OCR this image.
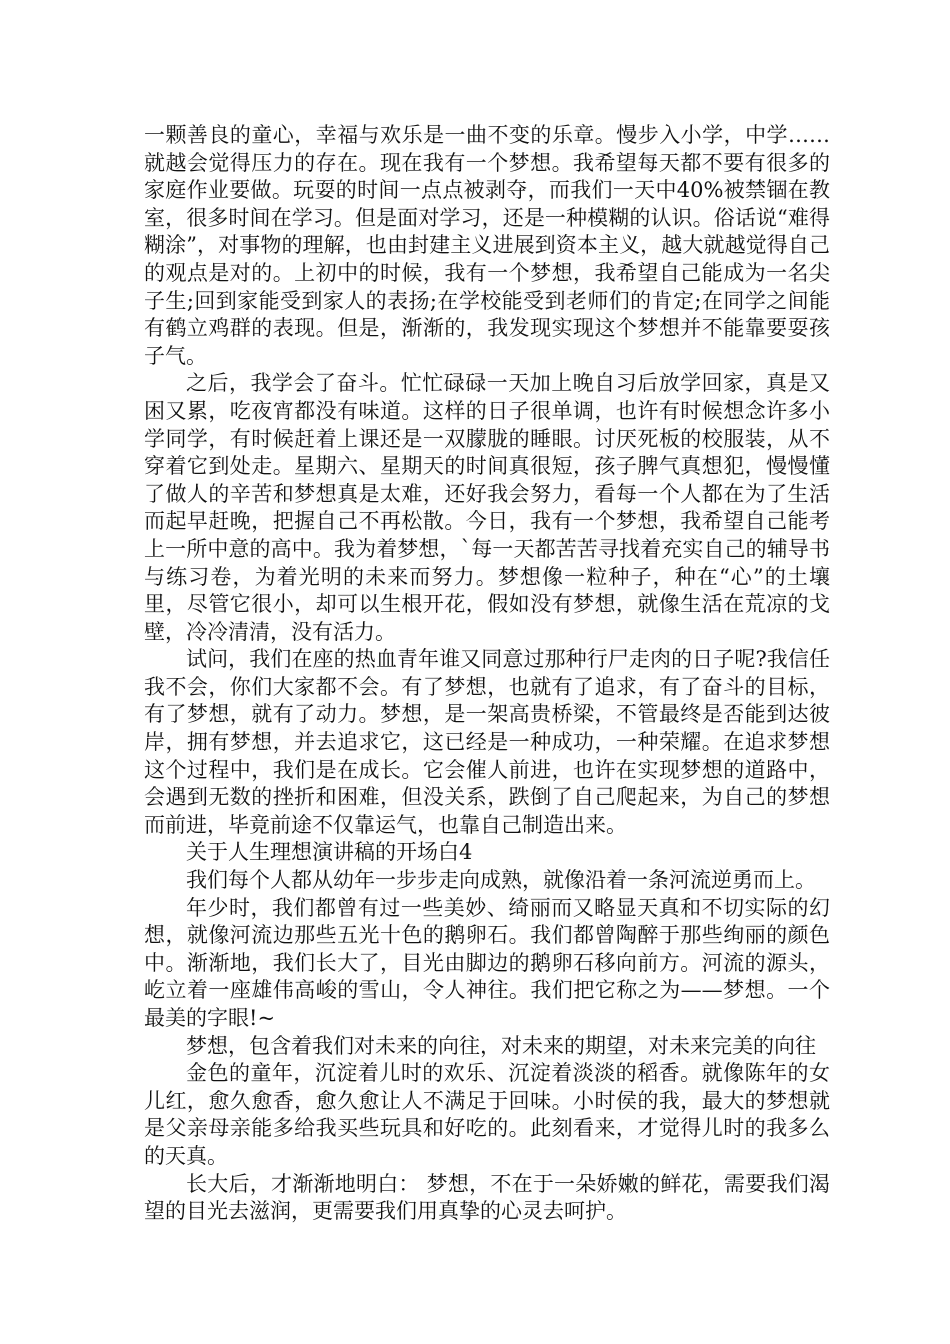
一颗善良的童心，幸福与欢乐是一曲不变的乐章。慢步入小学，中学……就越会觉得压力的存在。现在我有一个梦想。我希望每天都不要有很多的家庭作业要做。玩耍的时间一点点被剥夺，而我们一天中40%被禁锢在教室，很多时间在学习。但是面对学习，还是一种模糊的认识。俗话说“难得糊涂”，对事物的理解，也由封建主义进展到资本主义，越大就越觉得自己的观点是对的。上初中的时候，我有一个梦想，我希望自己能成为一名尖子生;回到家能受到家人的表扬;在学校能受到老师们的肯定;在同学之间能有鹤立鸡群的表现。但是，渐渐的，我发现实现这个梦想并不能靠要耍孩子气。

之后，我学会了奋斗。忙忙碌碌一天加上晚自习后放学回家，真是又困又累，吃夜宵都没有味道。这样的日子很单调，也许有时候想念许多小学同学，有时候赶着上课还是一双朦胧的睡眼。讨厌死板的校服装，从不穿着它到处走。星期六、星期天的时间真很短，孩子脾气真想犯，慢慢懂了做人的辛苦和梦想真是太难，还好我会努力，看每一个人都在为了生活而起早赶晚，把握自己不再松散。今日，我有一个梦想，我希望自己能考上一所中意的高中。我为着梦想，`每一天都苦苦寻找着充实自己的辅导书与练习卷，为着光明的未来而努力。梦想像一粒种子，种在“心”的土壤里，尽管它很小，却可以生根开花，假如没有梦想，就像生活在荒凉的戈壁，冷冷清清，没有活力。

试问，我们在座的热血青年谁又同意过那种行尸走肉的日子呢?我信任我不会，你们大家都不会。有了梦想，也就有了追求，有了奋斗的目标，有了梦想，就有了动力。梦想，是一架高贵桥梁，不管最终是否能到达彼岸，拥有梦想，并去追求它，这已经是一种成功，一种荣耀。在追求梦想这个过程中，我们是在成长。它会催人前进，也许在实现梦想的道路中，会遇到无数的挫折和困难，但没关系，跌倒了自己爬起来，为自己的梦想而前进，毕竟前途不仅靠运气，也靠自己制造出来。

关于人生理想演讲稿的开场白4

我们每个人都从幼年一步步走向成熟，就像沿着一条河流逆勇而上。

年少时，我们都曾有过一些美妙、绮丽而又略显天真和不切实际的幻想，就像河流边那些五光十色的鹅卵石。我们都曾陶醉于那些绚丽的颜色中。渐渐地，我们长大了，目光由脚边的鹅卵石移向前方。河流的源头，屹立着一座雄伟高峻的雪山，令人神往。我们把它称之为——梦想。一个最美的字眼!~

梦想，包含着我们对未来的向往，对未来的期望，对未来完美的向往

金色的童年，沉淀着儿时的欢乐、沉淀着淡淡的稻香。就像陈年的女儿红，愈久愈香，愈久愈让人不满足于回味。小时侯的我，最大的梦想就是父亲母亲能多给我买些玩具和好吃的。此刻看来，才觉得儿时的我多么的天真。

长大后，才渐渐地明白： 梦想，不在于一朵娇嫩的鲜花，需要我们渴望的目光去滋润，更需要我们用真挚的心灵去呵护。
